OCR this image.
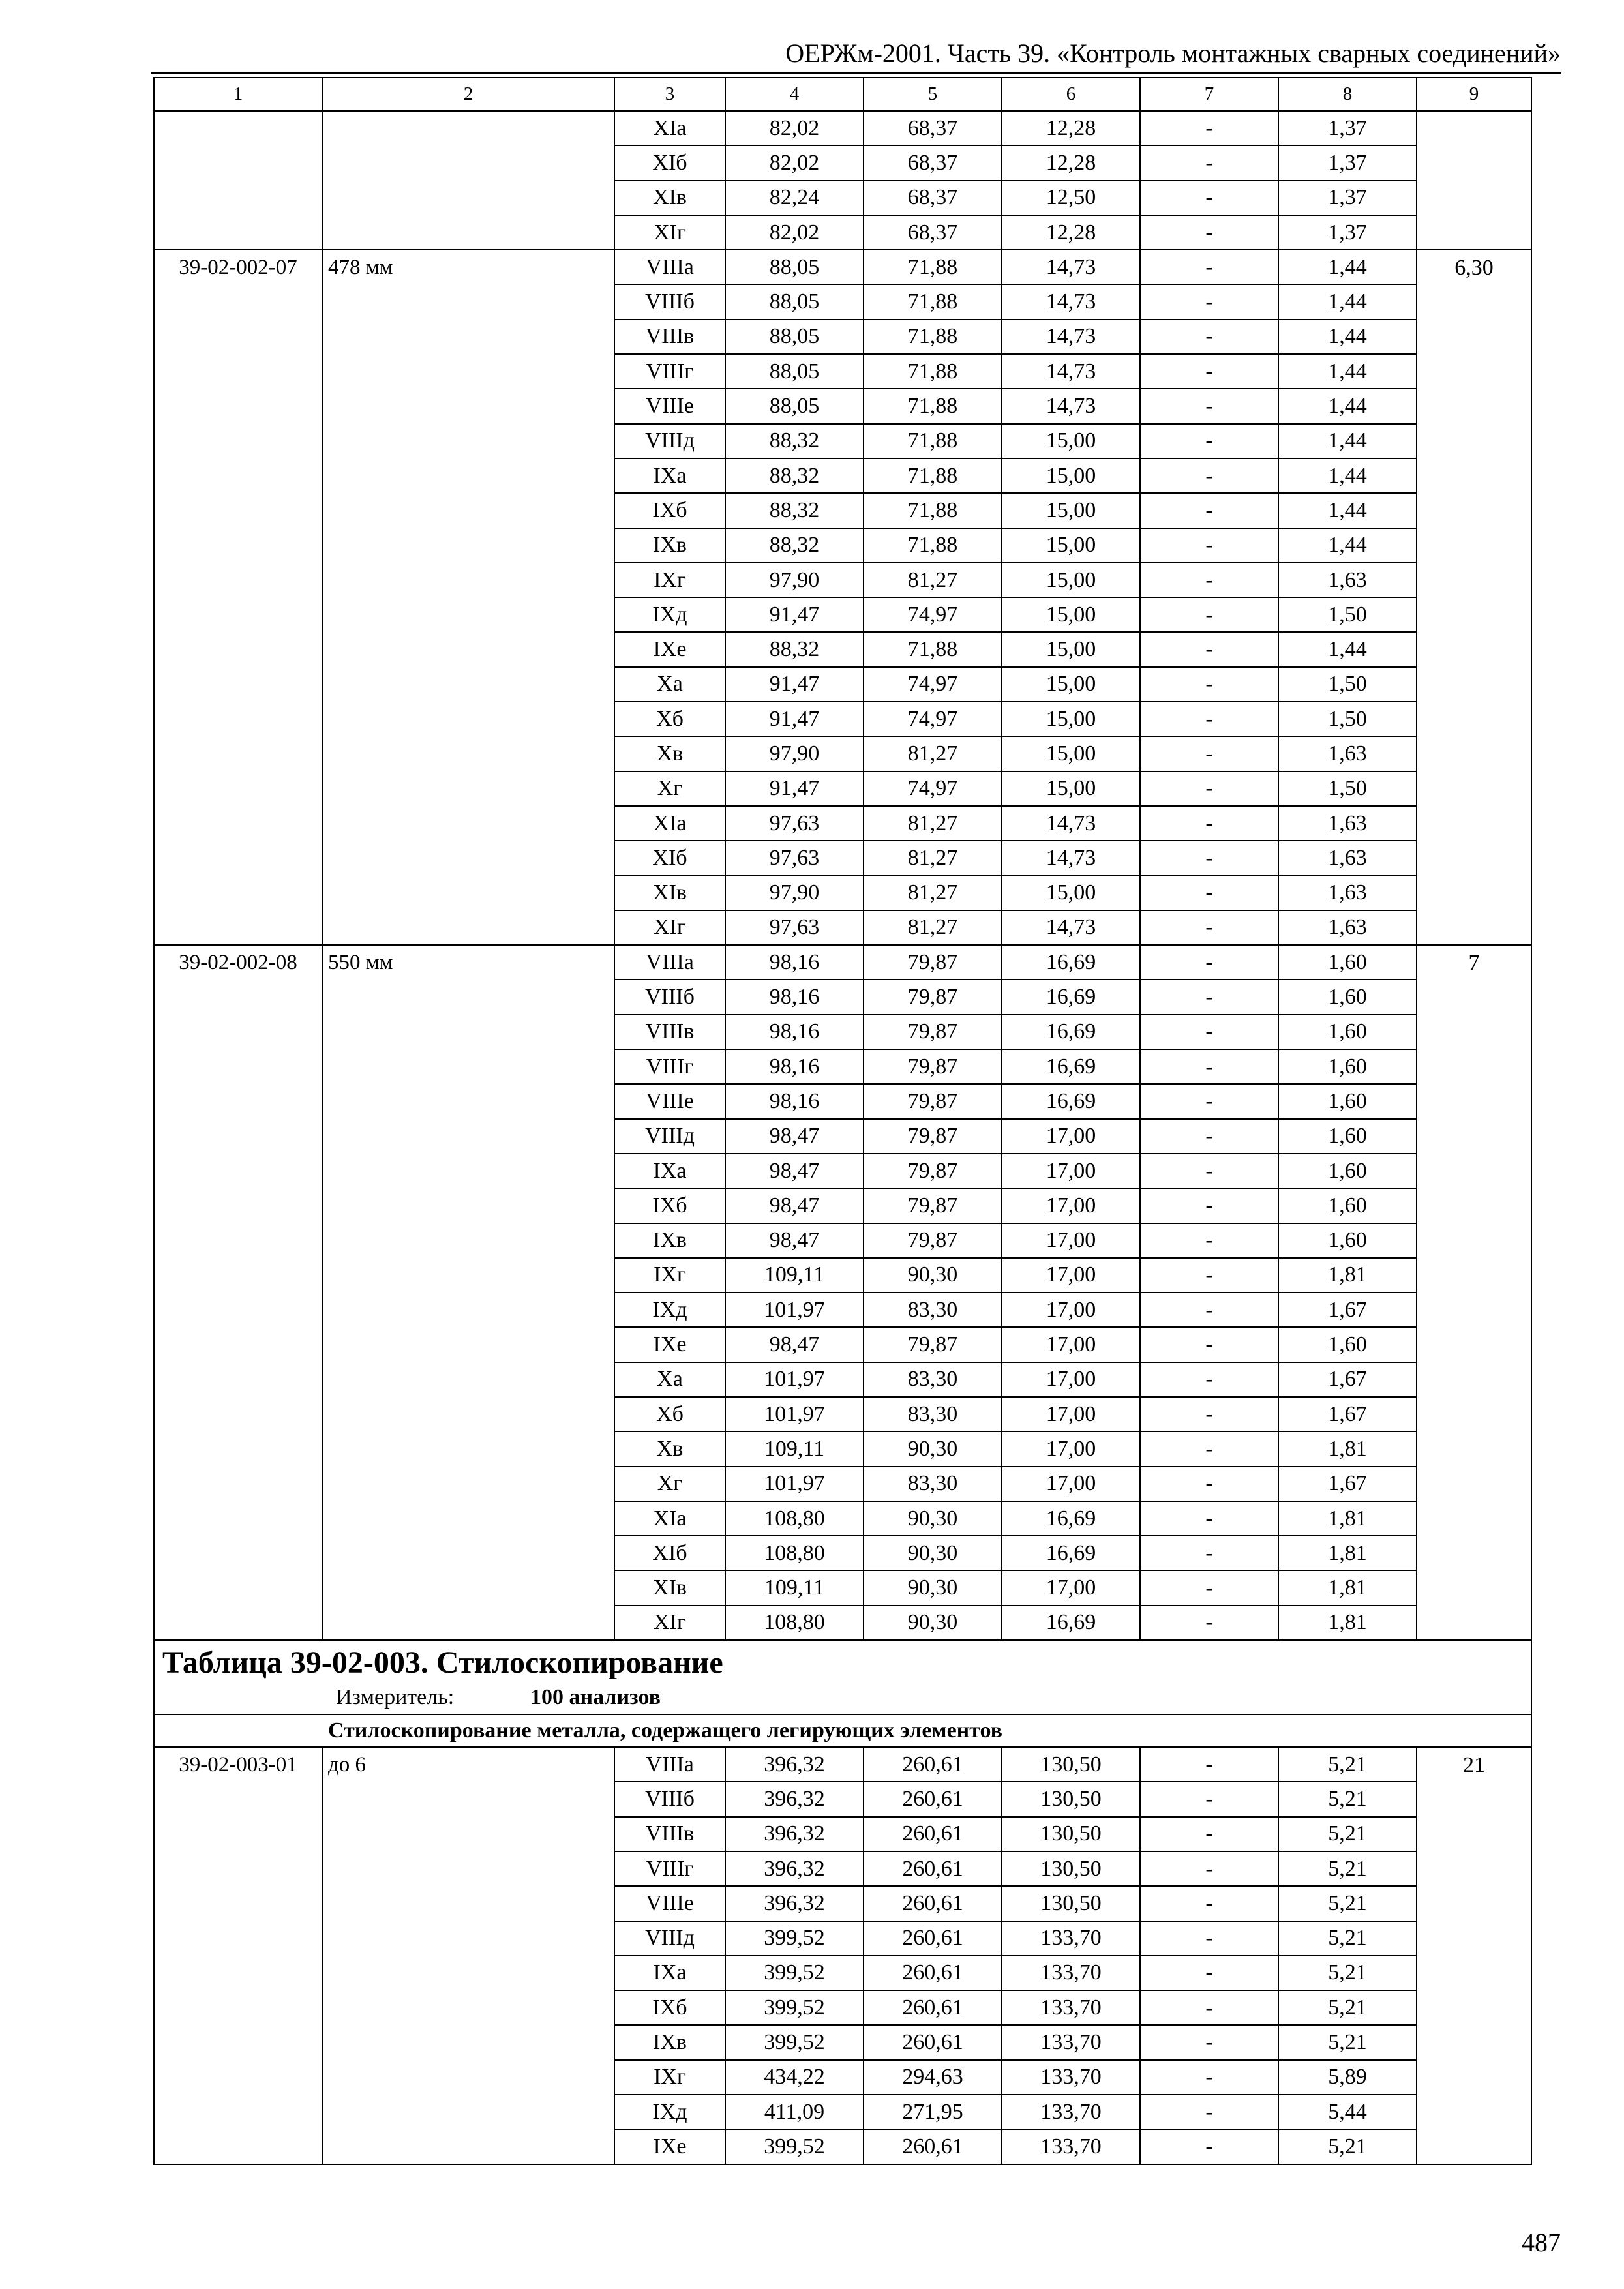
ОЕРЖм-2001. Часть 39. «Контроль монтажных сварных соединений»
1	2	3	4	5	6	7	8	9
		XIа	82,02	68,37	12,28	-	1,37	
		XIб	82,02	68,37	12,28	-	1,37	
		XIв	82,24	68,37	12,50	-	1,37	
		XIг	82,02	68,37	12,28	-	1,37	
39-02-002-07	478 мм	VIIIа	88,05	71,88	14,73	-	1,44	6,30
		VIIIб	88,05	71,88	14,73	-	1,44	
		VIIIв	88,05	71,88	14,73	-	1,44	
		VIIIг	88,05	71,88	14,73	-	1,44	
		VIIIе	88,05	71,88	14,73	-	1,44	
		VIIIд	88,32	71,88	15,00	-	1,44	
		IXа	88,32	71,88	15,00	-	1,44	
		IXб	88,32	71,88	15,00	-	1,44	
		IXв	88,32	71,88	15,00	-	1,44	
		IXг	97,90	81,27	15,00	-	1,63	
		IXд	91,47	74,97	15,00	-	1,50	
		IXе	88,32	71,88	15,00	-	1,44	
		Xа	91,47	74,97	15,00	-	1,50	
		Xб	91,47	74,97	15,00	-	1,50	
		Xв	97,90	81,27	15,00	-	1,63	
		Xг	91,47	74,97	15,00	-	1,50	
		XIа	97,63	81,27	14,73	-	1,63	
		XIб	97,63	81,27	14,73	-	1,63	
		XIв	97,90	81,27	15,00	-	1,63	
		XIг	97,63	81,27	14,73	-	1,63	
39-02-002-08	550 мм	VIIIа	98,16	79,87	16,69	-	1,60	7
		VIIIб	98,16	79,87	16,69	-	1,60	
		VIIIв	98,16	79,87	16,69	-	1,60	
		VIIIг	98,16	79,87	16,69	-	1,60	
		VIIIе	98,16	79,87	16,69	-	1,60	
		VIIIд	98,47	79,87	17,00	-	1,60	
		IXа	98,47	79,87	17,00	-	1,60	
		IXб	98,47	79,87	17,00	-	1,60	
		IXв	98,47	79,87	17,00	-	1,60	
		IXг	109,11	90,30	17,00	-	1,81	
		IXд	101,97	83,30	17,00	-	1,67	
		IXе	98,47	79,87	17,00	-	1,60	
		Xа	101,97	83,30	17,00	-	1,67	
		Xб	101,97	83,30	17,00	-	1,67	
		Xв	109,11	90,30	17,00	-	1,81	
		Xг	101,97	83,30	17,00	-	1,67	
		XIа	108,80	90,30	16,69	-	1,81	
		XIб	108,80	90,30	16,69	-	1,81	
		XIв	109,11	90,30	17,00	-	1,81	
		XIг	108,80	90,30	16,69	-	1,81	

Таблица 39-02-003. Стилоскопирование
Измеритель: 100 анализов								

Стилоскопирование металла, содержащего легирующих элементов								
39-02-003-01	до 6	VIIIа	396,32	260,61	130,50	-	5,21	21
		VIIIб	396,32	260,61	130,50	-	5,21	
		VIIIв	396,32	260,61	130,50	-	5,21	
		VIIIг	396,32	260,61	130,50	-	5,21	
		VIIIе	396,32	260,61	130,50	-	5,21	
		VIIIд	399,52	260,61	133,70	-	5,21	
		IXа	399,52	260,61	133,70	-	5,21	
		IXб	399,52	260,61	133,70	-	5,21	
		IXв	399,52	260,61	133,70	-	5,21	
		IXг	434,22	294,63	133,70	-	5,89	
		IXд	411,09	271,95	133,70	-	5,44	
		IXе	399,52	260,61	133,70	-	5,21	
487
